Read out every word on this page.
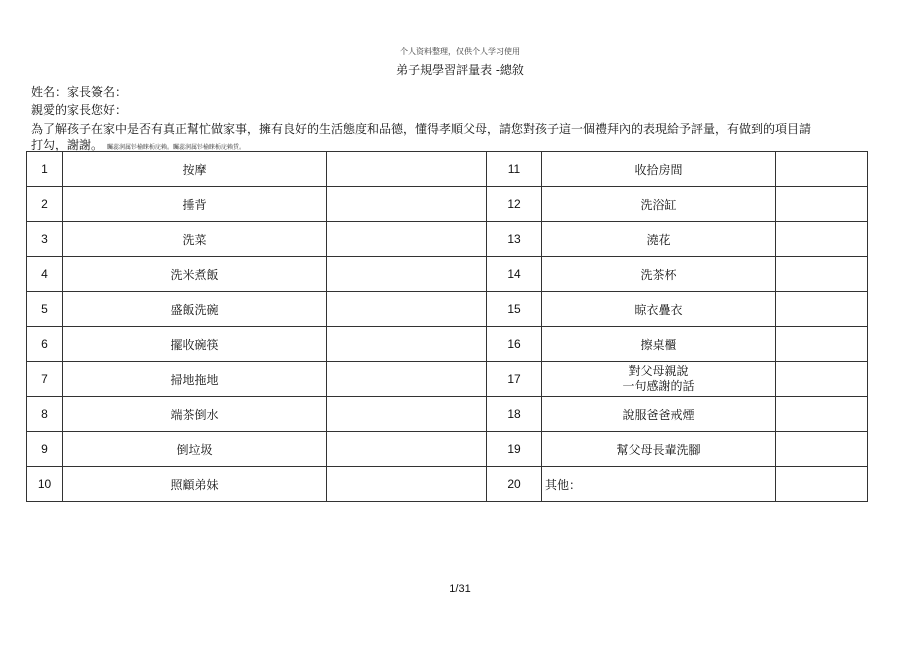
个人资料整理，仅供个人学习使用
弟子規學習評量表 -總敘
姓名：家長簽名：
親愛的家長您好：
為了解孩子在家中是否有真正幫忙做家事，擁有良好的生活態度和品德，懂得孝順父母，請您對孩子這一個禮拜內的表現給予評量，有做到的項目請
打勾，謝謝。 矚蕊润属钐榆睐栃庑赖。矚蕊润属钐榆睐栃庑赖賃。
1	按摩		11	收拾房間	
2	捶背		12	洗浴缸	
3	洗菜		13	澆花	
4	洗米煮飯		14	洗茶杯	
5	盛飯洗碗		15	晾衣疊衣	
6	擺收碗筷		16	擦桌櫃	
7	掃地拖地		17	對父母親說
一句感謝的話	

8	端茶倒水		18	說服爸爸戒煙	
9	倒垃圾		19	幫父母長輩洗腳	
10	照顧弟妹		20	其他：	
1/31
